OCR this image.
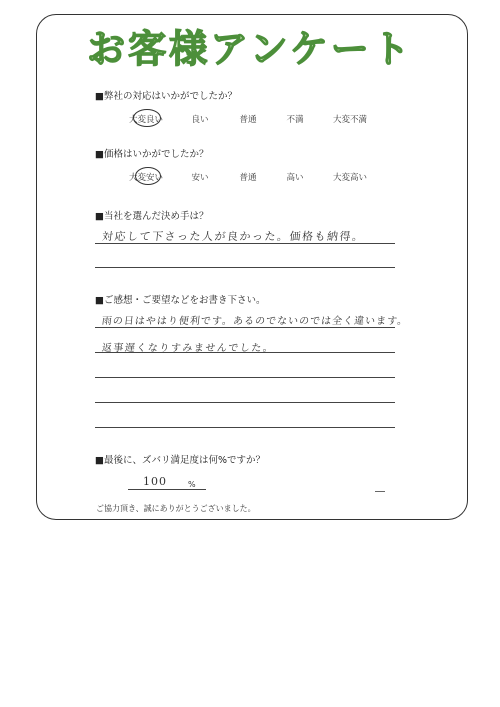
お客様アンケート
■弊社の対応はいかがでしたか？
大変良い	良い	普通	不満	大変不満
■価格はいかがでしたか？
大変安い	安い	普通	高い	大変高い
■当社を選んだ決め手は？
対応して下さった人が良かった。価格も納得。
■ご感想・ご要望などをお書き下さい。
雨の日はやはり便利です。あるのでないのでは全く違います。
返事遅くなりすみませんでした。
■最後に、ズバリ満足度は何%ですか？
100	%
ご協力頂き、誠にありがとうございました。
